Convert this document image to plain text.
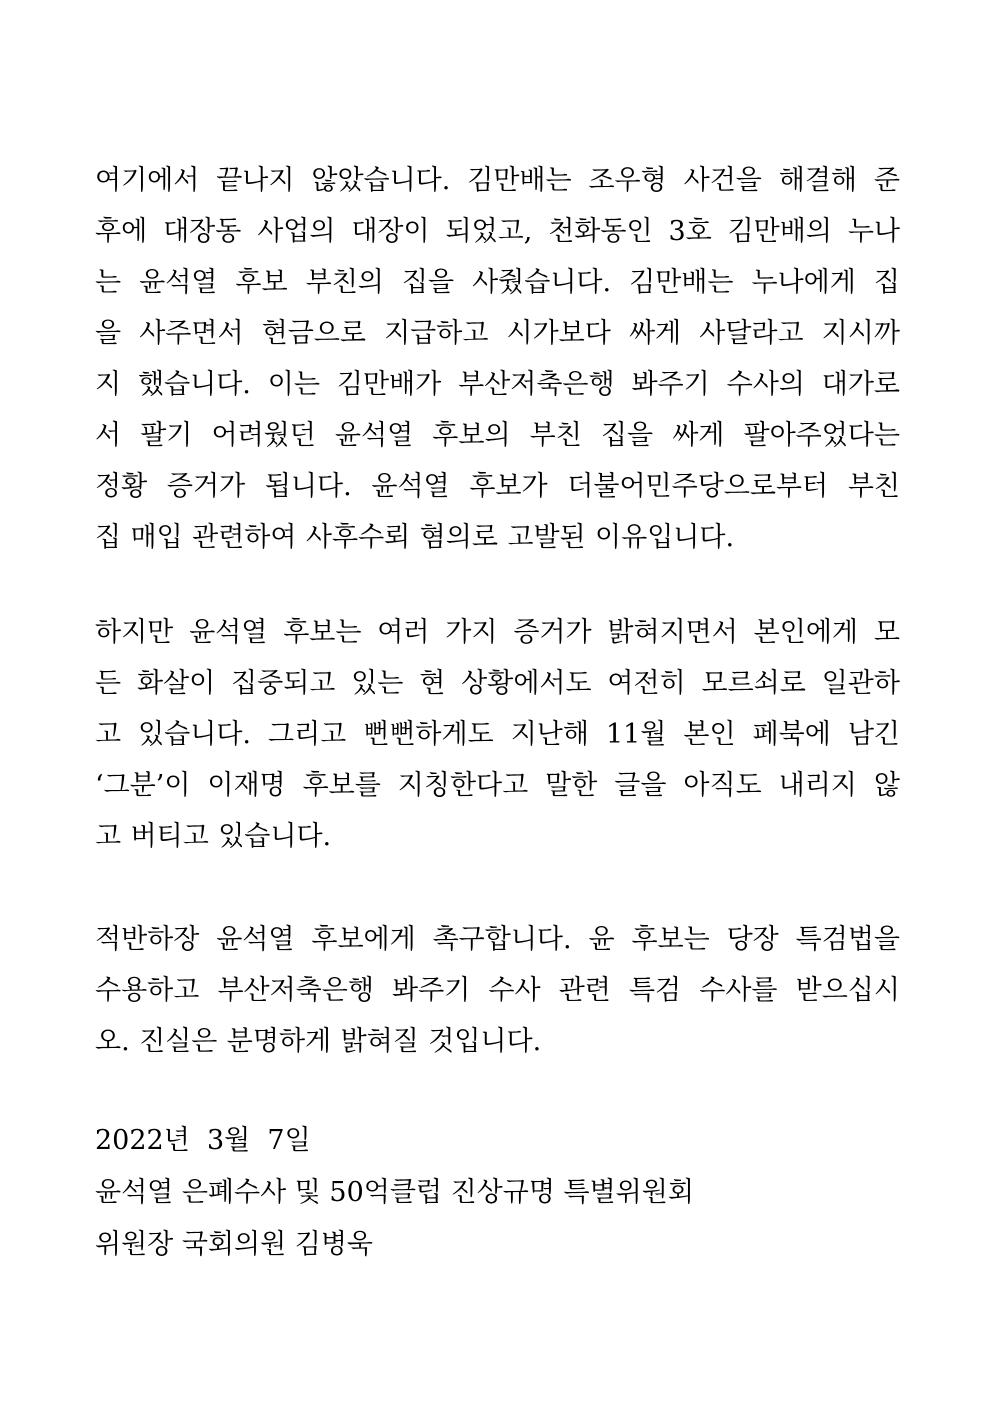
여기에서 끝나지 않았습니다. 김만배는 조우형 사건을 해결해 준
후에 대장동 사업의 대장이 되었고, 천화동인 3호 김만배의 누나
는 윤석열 후보 부친의 집을 사줬습니다. 김만배는 누나에게 집
을 사주면서 현금으로 지급하고 시가보다 싸게 사달라고 지시까
지 했습니다. 이는 김만배가 부산저축은행 봐주기 수사의 대가로
서 팔기 어려웠던 윤석열 후보의 부친 집을 싸게 팔아주었다는
정황 증거가 됩니다. 윤석열 후보가 더불어민주당으로부터 부친
집 매입 관련하여 사후수뢰 혐의로 고발된 이유입니다.
하지만 윤석열 후보는 여러 가지 증거가 밝혀지면서 본인에게 모
든 화살이 집중되고 있는 현 상황에서도 여전히 모르쇠로 일관하
고 있습니다. 그리고 뻔뻔하게도 지난해 11월 본인 페북에 남긴
‘그분’이 이재명 후보를 지칭한다고 말한 글을 아직도 내리지 않
고 버티고 있습니다.
적반하장 윤석열 후보에게 촉구합니다. 윤 후보는 당장 특검법을
수용하고 부산저축은행 봐주기 수사 관련 특검 수사를 받으십시
오. 진실은 분명하게 밝혀질 것입니다.
2022년  3월  7일
윤석열 은폐수사 및 50억클럽 진상규명 특별위원회
위원장 국회의원 김병욱
